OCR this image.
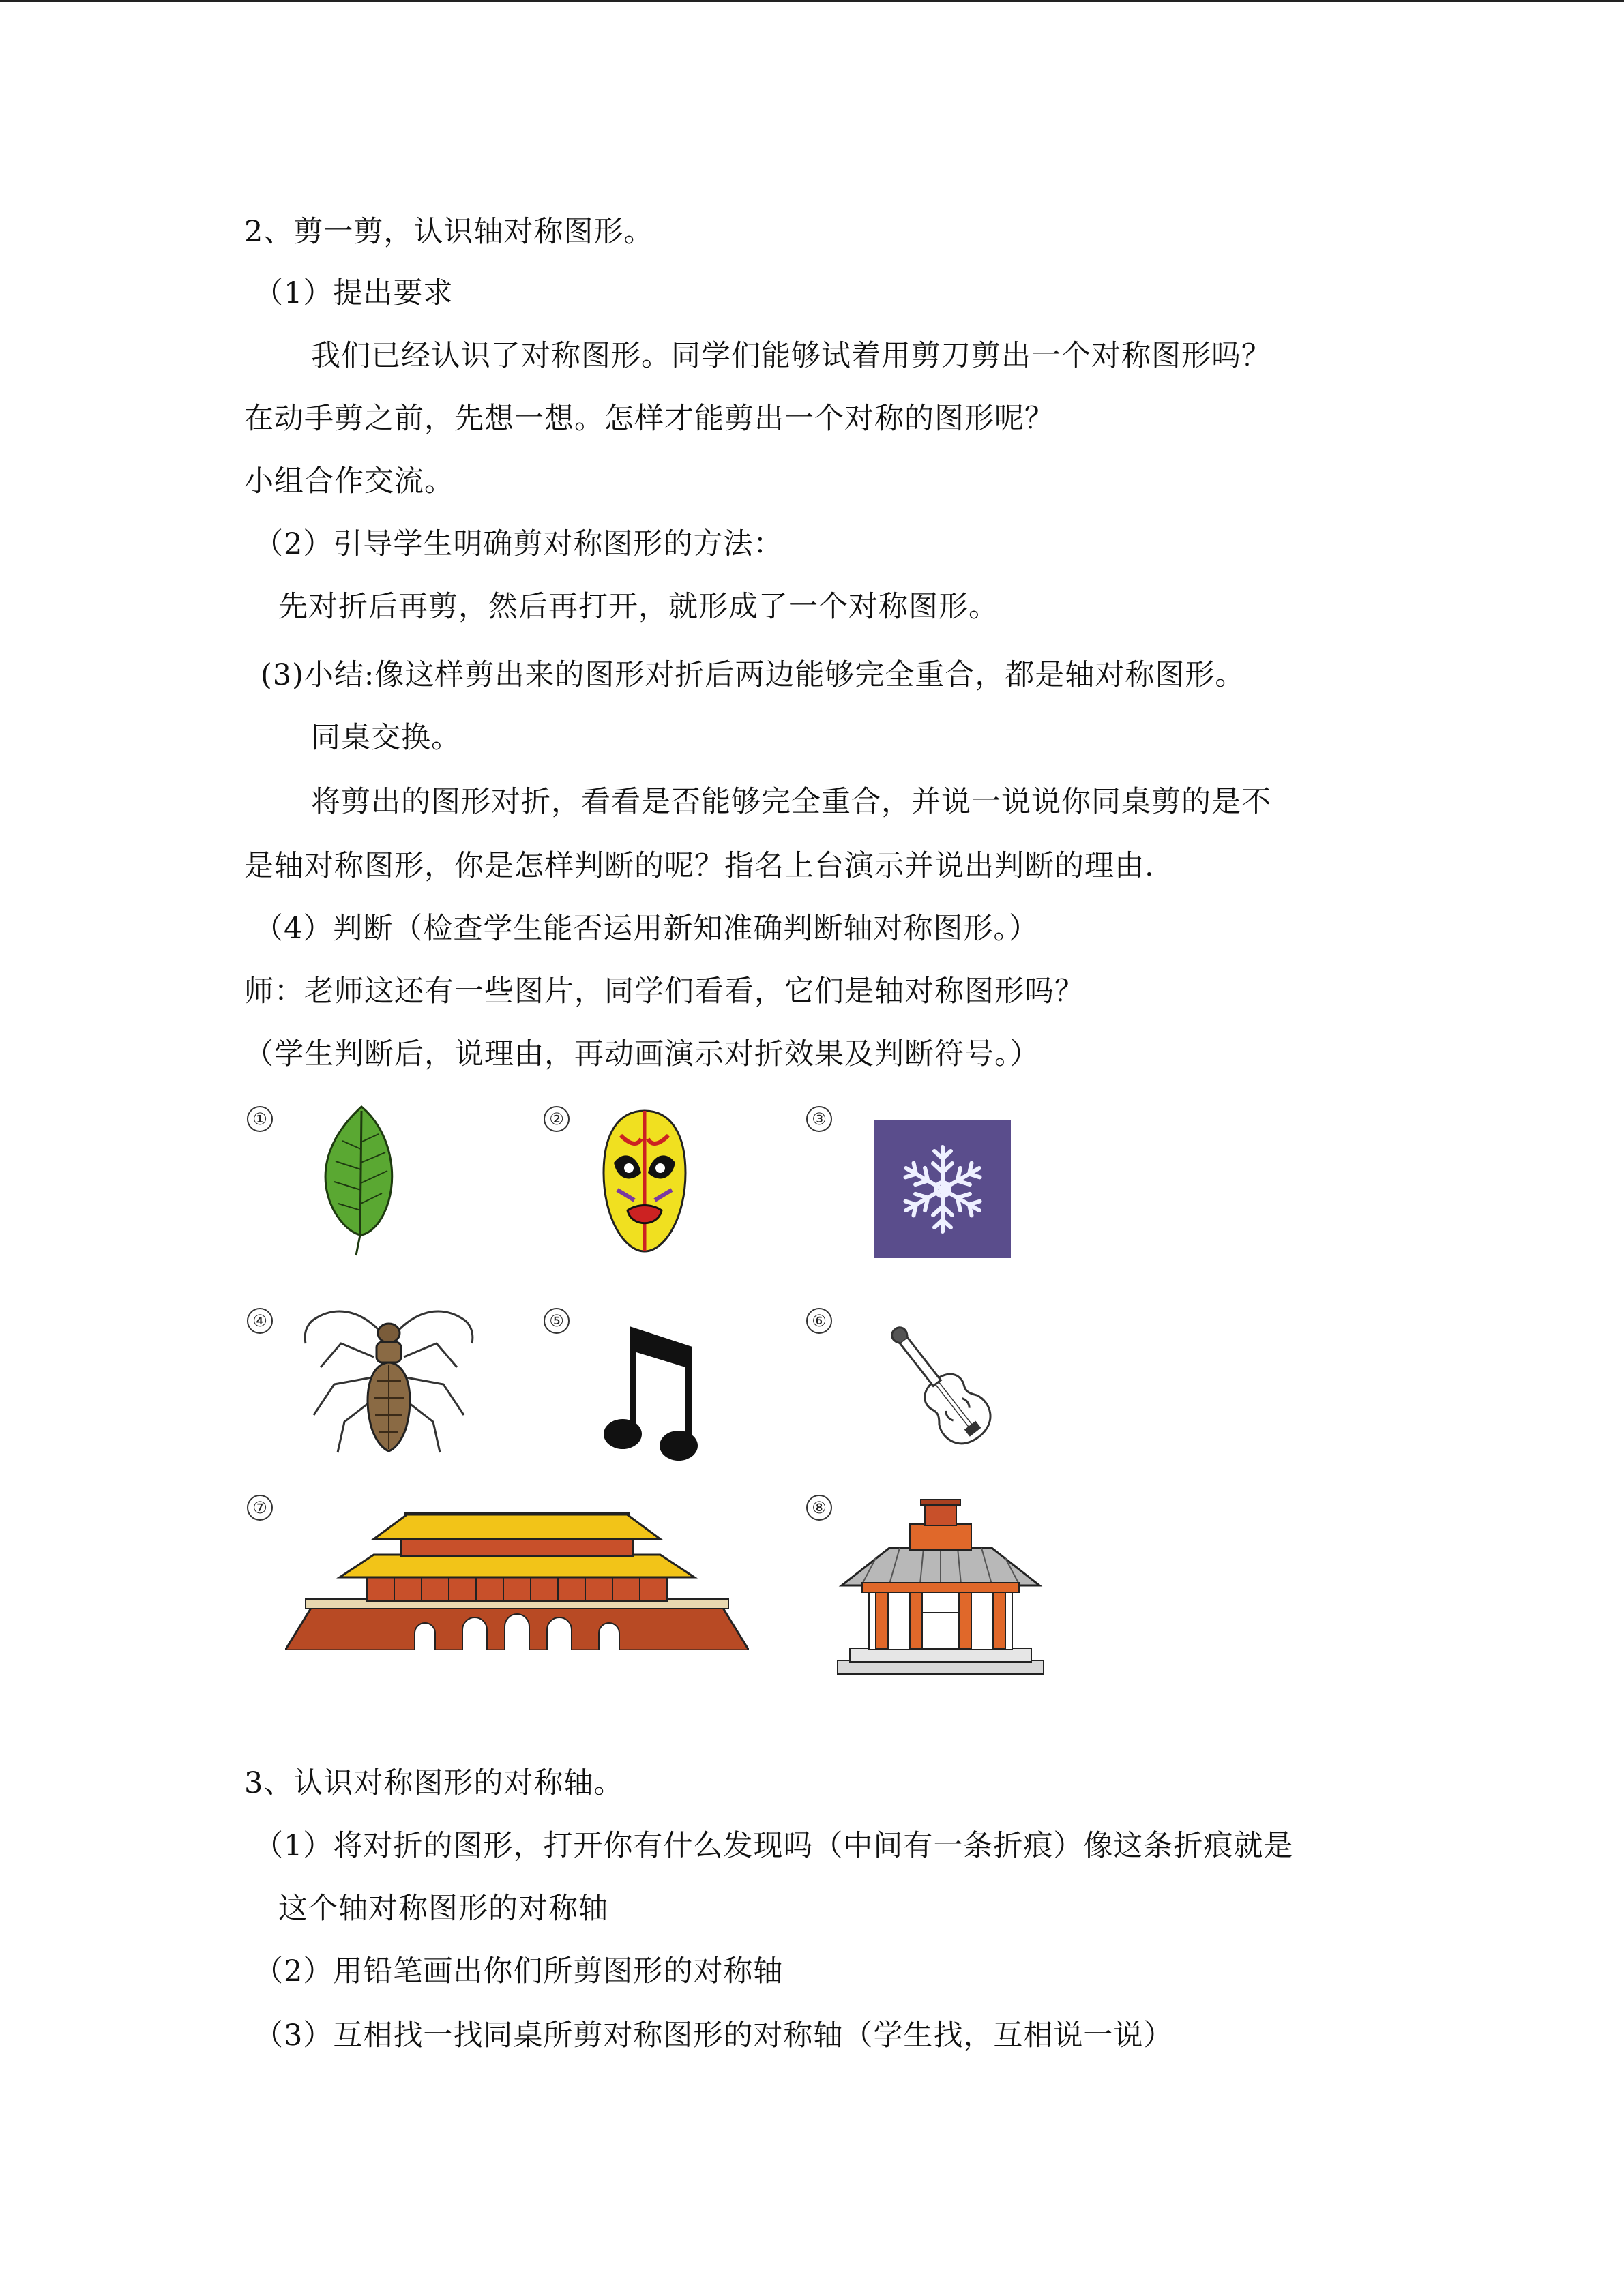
2、剪一剪，认识轴对称图形。
（1）提出要求
我们已经认识了对称图形。同学们能够试着用剪刀剪出一个对称图形吗？
在动手剪之前，先想一想。怎样才能剪出一个对称的图形呢？
小组合作交流。
（2）引导学生明确剪对称图形的方法：
先对折后再剪，然后再打开，就形成了一个对称图形。
(3)小结:像这样剪出来的图形对折后两边能够完全重合，都是轴对称图形。
同桌交换。
将剪出的图形对折，看看是否能够完全重合，并说一说说你同桌剪的是不
是轴对称图形，你是怎样判断的呢？指名上台演示并说出判断的理由.
（4）判断（检查学生能否运用新知准确判断轴对称图形。）
师：老师这还有一些图片，同学们看看，它们是轴对称图形吗？
（学生判断后，说理由，再动画演示对折效果及判断符号。）
①	②	③
④	⑤	⑥
⑦	⑧
3、认识对称图形的对称轴。
（1）将对折的图形，打开你有什么发现吗（中间有一条折痕）像这条折痕就是
这个轴对称图形的对称轴
（2）用铅笔画出你们所剪图形的对称轴
（3）互相找一找同桌所剪对称图形的对称轴（学生找，互相说一说）
